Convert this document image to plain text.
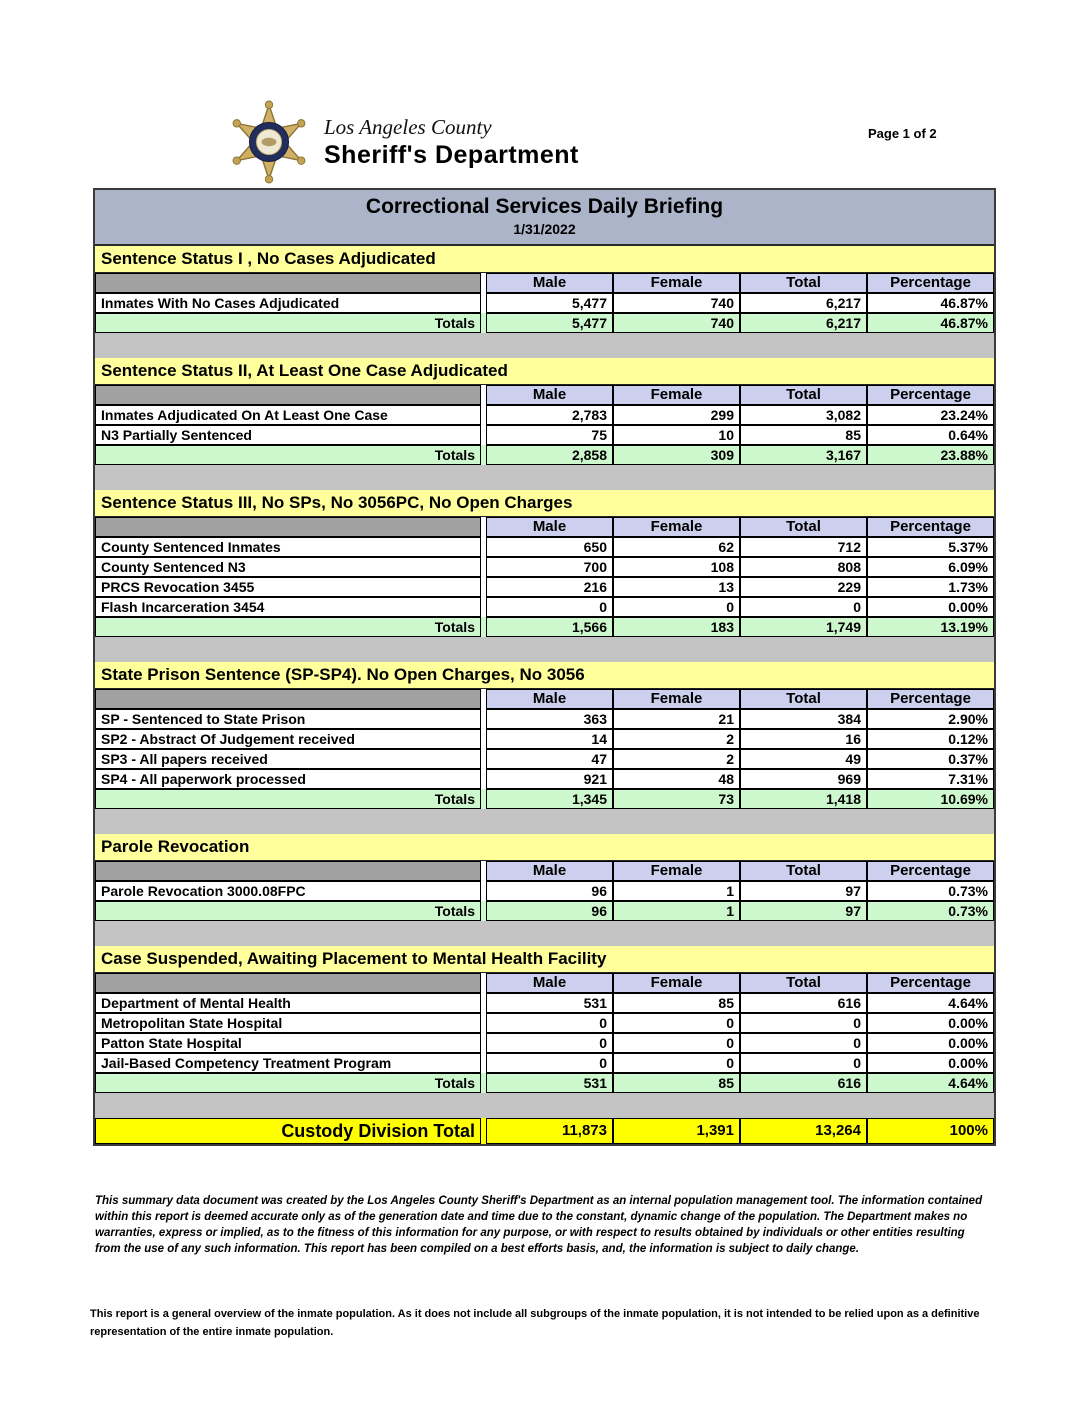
Los Angeles County
Sheriff's Department
Page 1 of 2
Correctional Services Daily Briefing
1/31/2022
Sentence Status I , No Cases Adjudicated
		Male	Female	Total	Percentage
Inmates With No Cases Adjudicated		5,477	740	6,217	46.87%
Totals		5,477	740	6,217	46.87%
Sentence Status II, At Least One Case Adjudicated
		Male	Female	Total	Percentage
Inmates Adjudicated On At Least One Case		2,783	299	3,082	23.24%
N3 Partially Sentenced		75	10	85	0.64%
Totals		2,858	309	3,167	23.88%
Sentence Status III, No SPs, No 3056PC, No Open Charges
		Male	Female	Total	Percentage
County Sentenced Inmates		650	62	712	5.37%
County Sentenced N3		700	108	808	6.09%
PRCS Revocation 3455		216	13	229	1.73%
Flash Incarceration 3454		0	0	0	0.00%
Totals		1,566	183	1,749	13.19%
State Prison Sentence (SP-SP4). No Open Charges, No 3056
		Male	Female	Total	Percentage
SP - Sentenced to State Prison		363	21	384	2.90%
SP2 - Abstract Of Judgement received		14	2	16	0.12%
SP3 - All papers received		47	2	49	0.37%
SP4 - All paperwork processed		921	48	969	7.31%
Totals		1,345	73	1,418	10.69%
Parole Revocation
		Male	Female	Total	Percentage
Parole Revocation 3000.08FPC		96	1	97	0.73%
Totals		96	1	97	0.73%
Case Suspended, Awaiting Placement to Mental Health Facility
		Male	Female	Total	Percentage
Department of Mental Health		531	85	616	4.64%
Metropolitan State Hospital		0	0	0	0.00%
Patton State Hospital		0	0	0	0.00%
Jail-Based Competency Treatment Program		0	0	0	0.00%
Totals		531	85	616	4.64%
Custody Division Total		11,873	1,391	13,264	100%
This summary data document was created by the Los Angeles County Sheriff's Department as an internal population management tool. The information contained within this report is deemed accurate only as of the generation date and time due to the constant, dynamic change of the population. The Department makes no warranties, express or implied, as to the fitness of this information for any purpose, or with respect to results obtained by individuals or other entities resulting from the use of any such information. This report has been compiled on a best efforts basis, and, the information is subject to daily change.
This report is a general overview of the inmate population. As it does not include all subgroups of the inmate population, it is not intended to be relied upon as a definitive representation of the entire inmate population.
